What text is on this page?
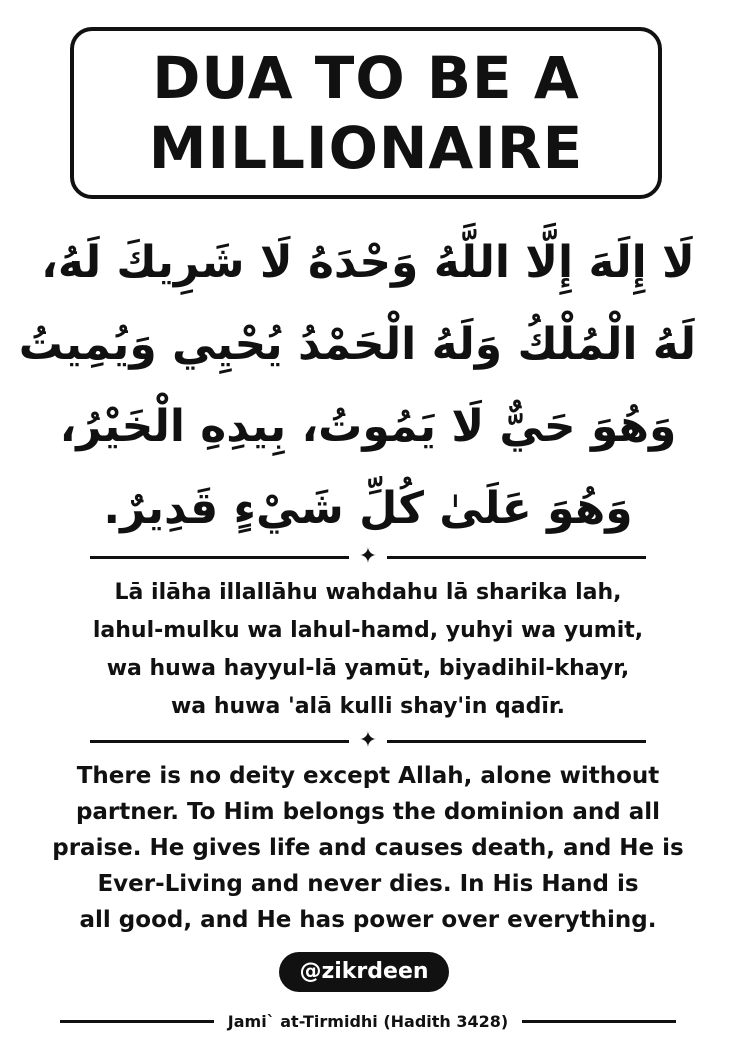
DUA TO BE A
MILLIONAIRE
لَا إِلَهَ إِلَّا اللَّهُ وَحْدَهُ لَا شَرِيكَ لَهُ،
لَهُ الْمُلْكُ وَلَهُ الْحَمْدُ يُحْيِي وَيُمِيتُ
وَهُوَ حَيٌّ لَا يَمُوتُ، بِيدِهِ الْخَيْرُ،
وَهُوَ عَلَىٰ كُلِّ شَيْءٍ قَدِيرٌ.
✦
Lā ilāha illallāhu wahdahu lā sharika lah,
lahul-mulku wa lahul-hamd, yuhyi wa yumit,
wa huwa hayyul-lā yamūt, biyadihil-khayr,
wa huwa 'alā kulli shay'in qadīr.
✦
There is no deity except Allah, alone without
partner. To Him belongs the dominion and all
praise. He gives life and causes death, and He is
Ever-Living and never dies. In His Hand is
all good, and He has power over everything.
@zikrdeen
Jami` at-Tirmidhi (Hadith 3428)
